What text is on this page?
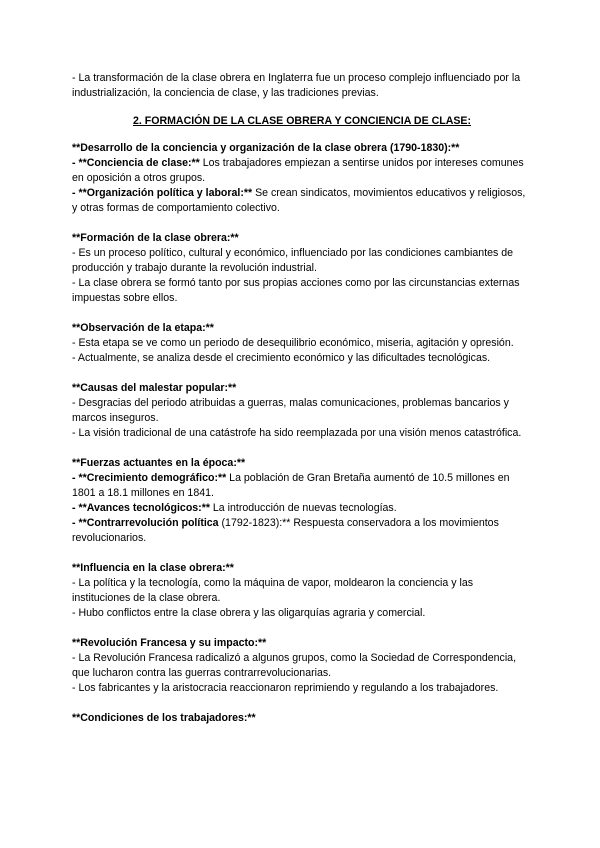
- La transformación de la clase obrera en Inglaterra fue un proceso complejo influenciado por la industrialización, la conciencia de clase, y las tradiciones previas.

2. FORMACIÓN DE LA CLASE OBRERA Y CONCIENCIA DE CLASE:

**Desarrollo de la conciencia y organización de la clase obrera (1790-1830):**

- **Conciencia de clase:** Los trabajadores empiezan a sentirse unidos por intereses comunes en oposición a otros grupos.

- **Organización política y laboral:** Se crean sindicatos, movimientos educativos y religiosos, y otras formas de comportamiento colectivo.

**Formación de la clase obrera:**

- Es un proceso político, cultural y económico, influenciado por las condiciones cambiantes de producción y trabajo durante la revolución industrial.

- La clase obrera se formó tanto por sus propias acciones como por las circunstancias externas impuestas sobre ellos.

**Observación de la etapa:**

- Esta etapa se ve como un periodo de desequilibrio económico, miseria, agitación y opresión.

- Actualmente, se analiza desde el crecimiento económico y las dificultades tecnológicas.

**Causas del malestar popular:**

- Desgracias del periodo atribuidas a guerras, malas comunicaciones, problemas bancarios y marcos inseguros.

- La visión tradicional de una catástrofe ha sido reemplazada por una visión menos catastrófica.

**Fuerzas actuantes en la época:**

- **Crecimiento demográfico:** La población de Gran Bretaña aumentó de 10.5 millones en 1801 a 18.1 millones en 1841.

- **Avances tecnológicos:** La introducción de nuevas tecnologías.

- **Contrarrevolución política (1792-1823):** Respuesta conservadora a los movimientos revolucionarios.

**Influencia en la clase obrera:**

- La política y la tecnología, como la máquina de vapor, moldearon la conciencia y las instituciones de la clase obrera.

- Hubo conflictos entre la clase obrera y las oligarquías agraria y comercial.

**Revolución Francesa y su impacto:**

- La Revolución Francesa radicalizó a algunos grupos, como la Sociedad de Correspondencia, que lucharon contra las guerras contrarrevolucionarias.

- Los fabricantes y la aristocracia reaccionaron reprimiendo y regulando a los trabajadores.

**Condiciones de los trabajadores:**
